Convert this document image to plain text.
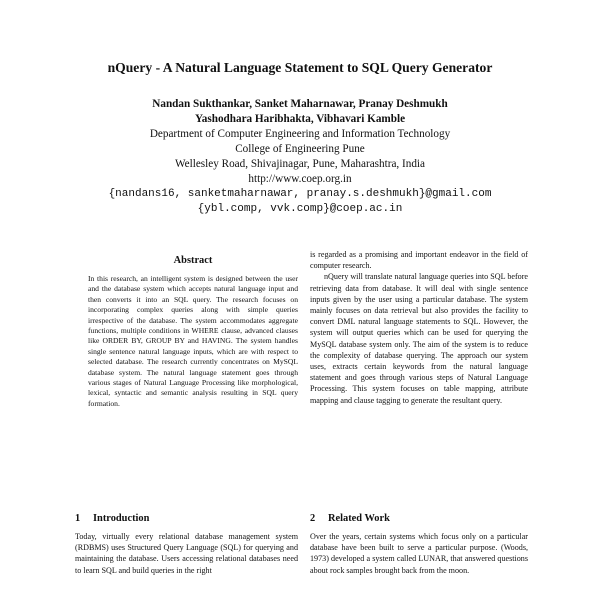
nQuery - A Natural Language Statement to SQL Query Generator
Nandan Sukthankar, Sanket Maharnawar, Pranay Deshmukh
Yashodhara Haribhakta, Vibhavari Kamble
Department of Computer Engineering and Information Technology
College of Engineering Pune
Wellesley Road, Shivajinagar, Pune, Maharashtra, India
http://www.coep.org.in
{nandans16, sanketmaharnawar, pranay.s.deshmukh}@gmail.com
{ybl.comp, vvk.comp}@coep.ac.in
Abstract

In this research, an intelligent system is designed between the user and the database system which accepts natural language input and then converts it into an SQL query. The research focuses on incorporating complex queries along with simple queries irrespective of the database. The system accommodates aggregate functions, multiple conditions in WHERE clause, advanced clauses like ORDER BY, GROUP BY and HAVING. The system handles single sentence natural language inputs, which are with respect to selected database. The research currently concentrates on MySQL database system. The natural language statement goes through various stages of Natural Language Processing like morphological, lexical, syntactic and semantic analysis resulting in SQL query formation.

is regarded as a promising and important endeavor in the field of computer research.

nQuery will translate natural language queries into SQL before retrieving data from database. It will deal with single sentence inputs given by the user using a particular database. The system mainly focuses on data retrieval but also provides the facility to convert DML natural language statements to SQL. However, the system will output queries which can be used for querying the MySQL database system only. The aim of the system is to reduce the complexity of database querying. The approach our system uses, extracts certain keywords from the natural language statement and goes through various steps of Natural Language Processing. This system focuses on table mapping, attribute mapping and clause tagging to generate the resultant query.

1 Introduction

Today, virtually every relational database management system (RDBMS) uses Structured Query Language (SQL) for querying and maintaining the database. Users accessing relational databases need to learn SQL and build queries in the right

2 Related Work

Over the years, certain systems which focus only on a particular database have been built to serve a particular purpose. (Woods, 1973) developed a system called LUNAR, that answered questions about rock samples brought back from the moon.
